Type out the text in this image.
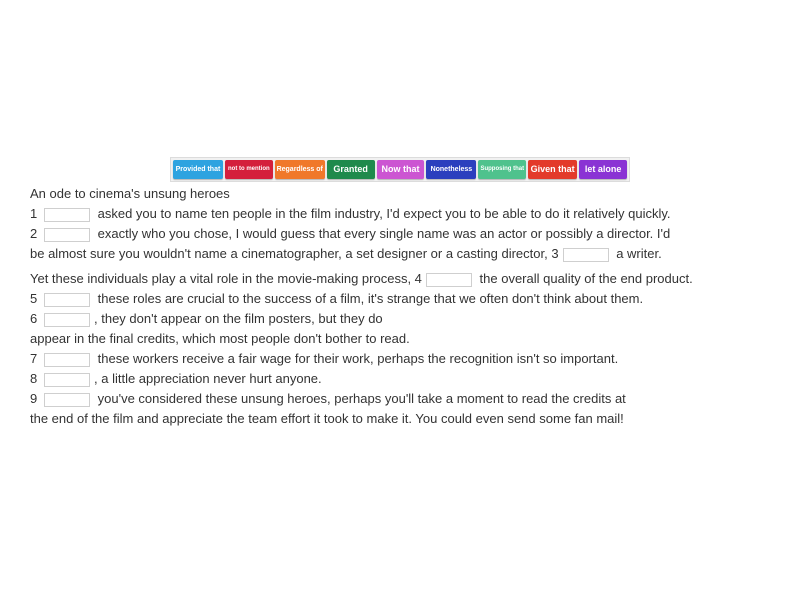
Provided that	not to mention Regardless of	Granted	Now that	Nonetheless	Supposing that Given that	let alone
An ode to cinema's unsung heroes
1	asked you to name ten people in the film industry, I'd expect you to be able to do it relatively quickly.
2	exactly who you chose, I would guess that every single name was an actor or possibly a director. I'd
be almost sure you wouldn't name a cinematographer, a set designer or a casting director, 3	a writer.
Yet these individuals play a vital role in the movie-making process, 4	the overall quality of the end product.
5	these roles are crucial to the success of a film, it's strange that we often don't think about them.
6	, they don't appear on the film posters, but they do
appear in the final credits, which most people don't bother to read.
7	these workers receive a fair wage for their work, perhaps the recognition isn't so important.
8	, a little appreciation never hurt anyone.
9	you've considered these unsung heroes, perhaps you'll take a moment to read the credits at
the end of the film and appreciate the team effort it took to make it. You could even send some fan mail!
